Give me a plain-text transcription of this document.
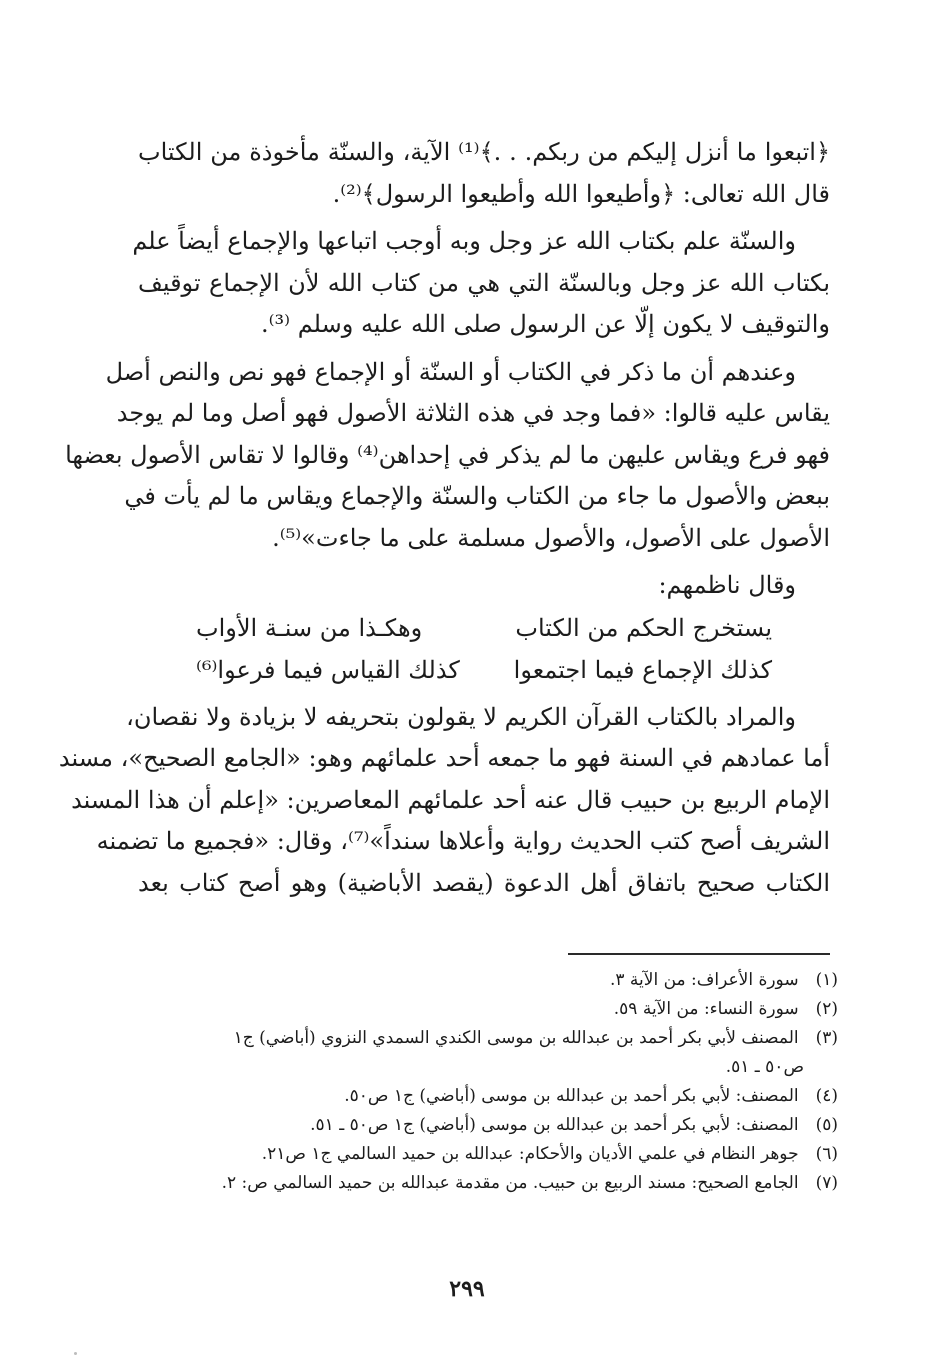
﴿اتبعوا ما أنزل إليكم من ربكم. . .﴾⁽¹⁾ الآية، والسنّة مأخوذة من الكتاب
قال الله تعالى: ﴿وأطيعوا الله وأطيعوا الرسول﴾⁽²⁾.

والسنّة علم بكتاب الله عز وجل وبه أوجب اتباعها والإجماع أيضاً علم
بكتاب الله عز وجل وبالسنّة التي هي من كتاب الله لأن الإجماع توقيف
والتوقيف لا يكون إلّا عن الرسول صلى الله عليه وسلم ⁽³⁾.

وعندهم أن ما ذكر في الكتاب أو السنّة أو الإجماع فهو نص والنص أصل
يقاس عليه قالوا: «فما وجد في هذه الثلاثة الأصول فهو أصل وما لم يوجد
فهو فرع ويقاس عليهن ما لم يذكر في إحداهن⁽⁴⁾ وقالوا لا تقاس الأصول بعضها
ببعض والأصول ما جاء من الكتاب والسنّة والإجماع ويقاس ما لم يأت في
الأصول على الأصول، والأصول مسلمة على ما جاءت»⁽⁵⁾.

وقال ناظمهم:

يستخرج الحكم من الكتاب
وهكـذا من سنـة الأواب
كذلك الإجماع فيما اجتمعوا
كذلك القياس فيما فرعوا⁽⁶⁾

والمراد بالكتاب القرآن الكريم لا يقولون بتحريفه لا بزيادة ولا نقصان،
أما عمادهم في السنة فهو ما جمعه أحد علمائهم وهو: «الجامع الصحيح»، مسند
الإمام الربيع بن حبيب قال عنه أحد علمائهم المعاصرين: «إعلم أن هذا المسند
الشريف أصح كتب الحديث رواية وأعلاها سنداً»⁽⁷⁾، وقال: «فجميع ما تضمنه
الكتاب صحيح باتفاق أهل الدعوة (يقصد الأباضية) وهو أصح كتاب بعد

(١) سورة الأعراف: من الآية ٣.
(٢) سورة النساء: من الآية ٥٩.
(٣) المصنف لأبي بكر أحمد بن عبدالله بن موسى الكندي السمدي النزوي (أباضي) ج١
ص٥٠ ـ ٥١.
(٤) المصنف: لأبي بكر أحمد بن عبدالله بن موسى (أباضي) ج١ ص٥٠.
(٥) المصنف: لأبي بكر أحمد بن عبدالله بن موسى (أباضي) ج١ ص٥٠ ـ ٥١.
(٦) جوهر النظام في علمي الأديان والأحكام: عبدالله بن حميد السالمي ج١ ص٢١.
(٧) الجامع الصحيح: مسند الربيع بن حبيب. من مقدمة عبدالله بن حميد السالمي ص: ٢.
٢٩٩
